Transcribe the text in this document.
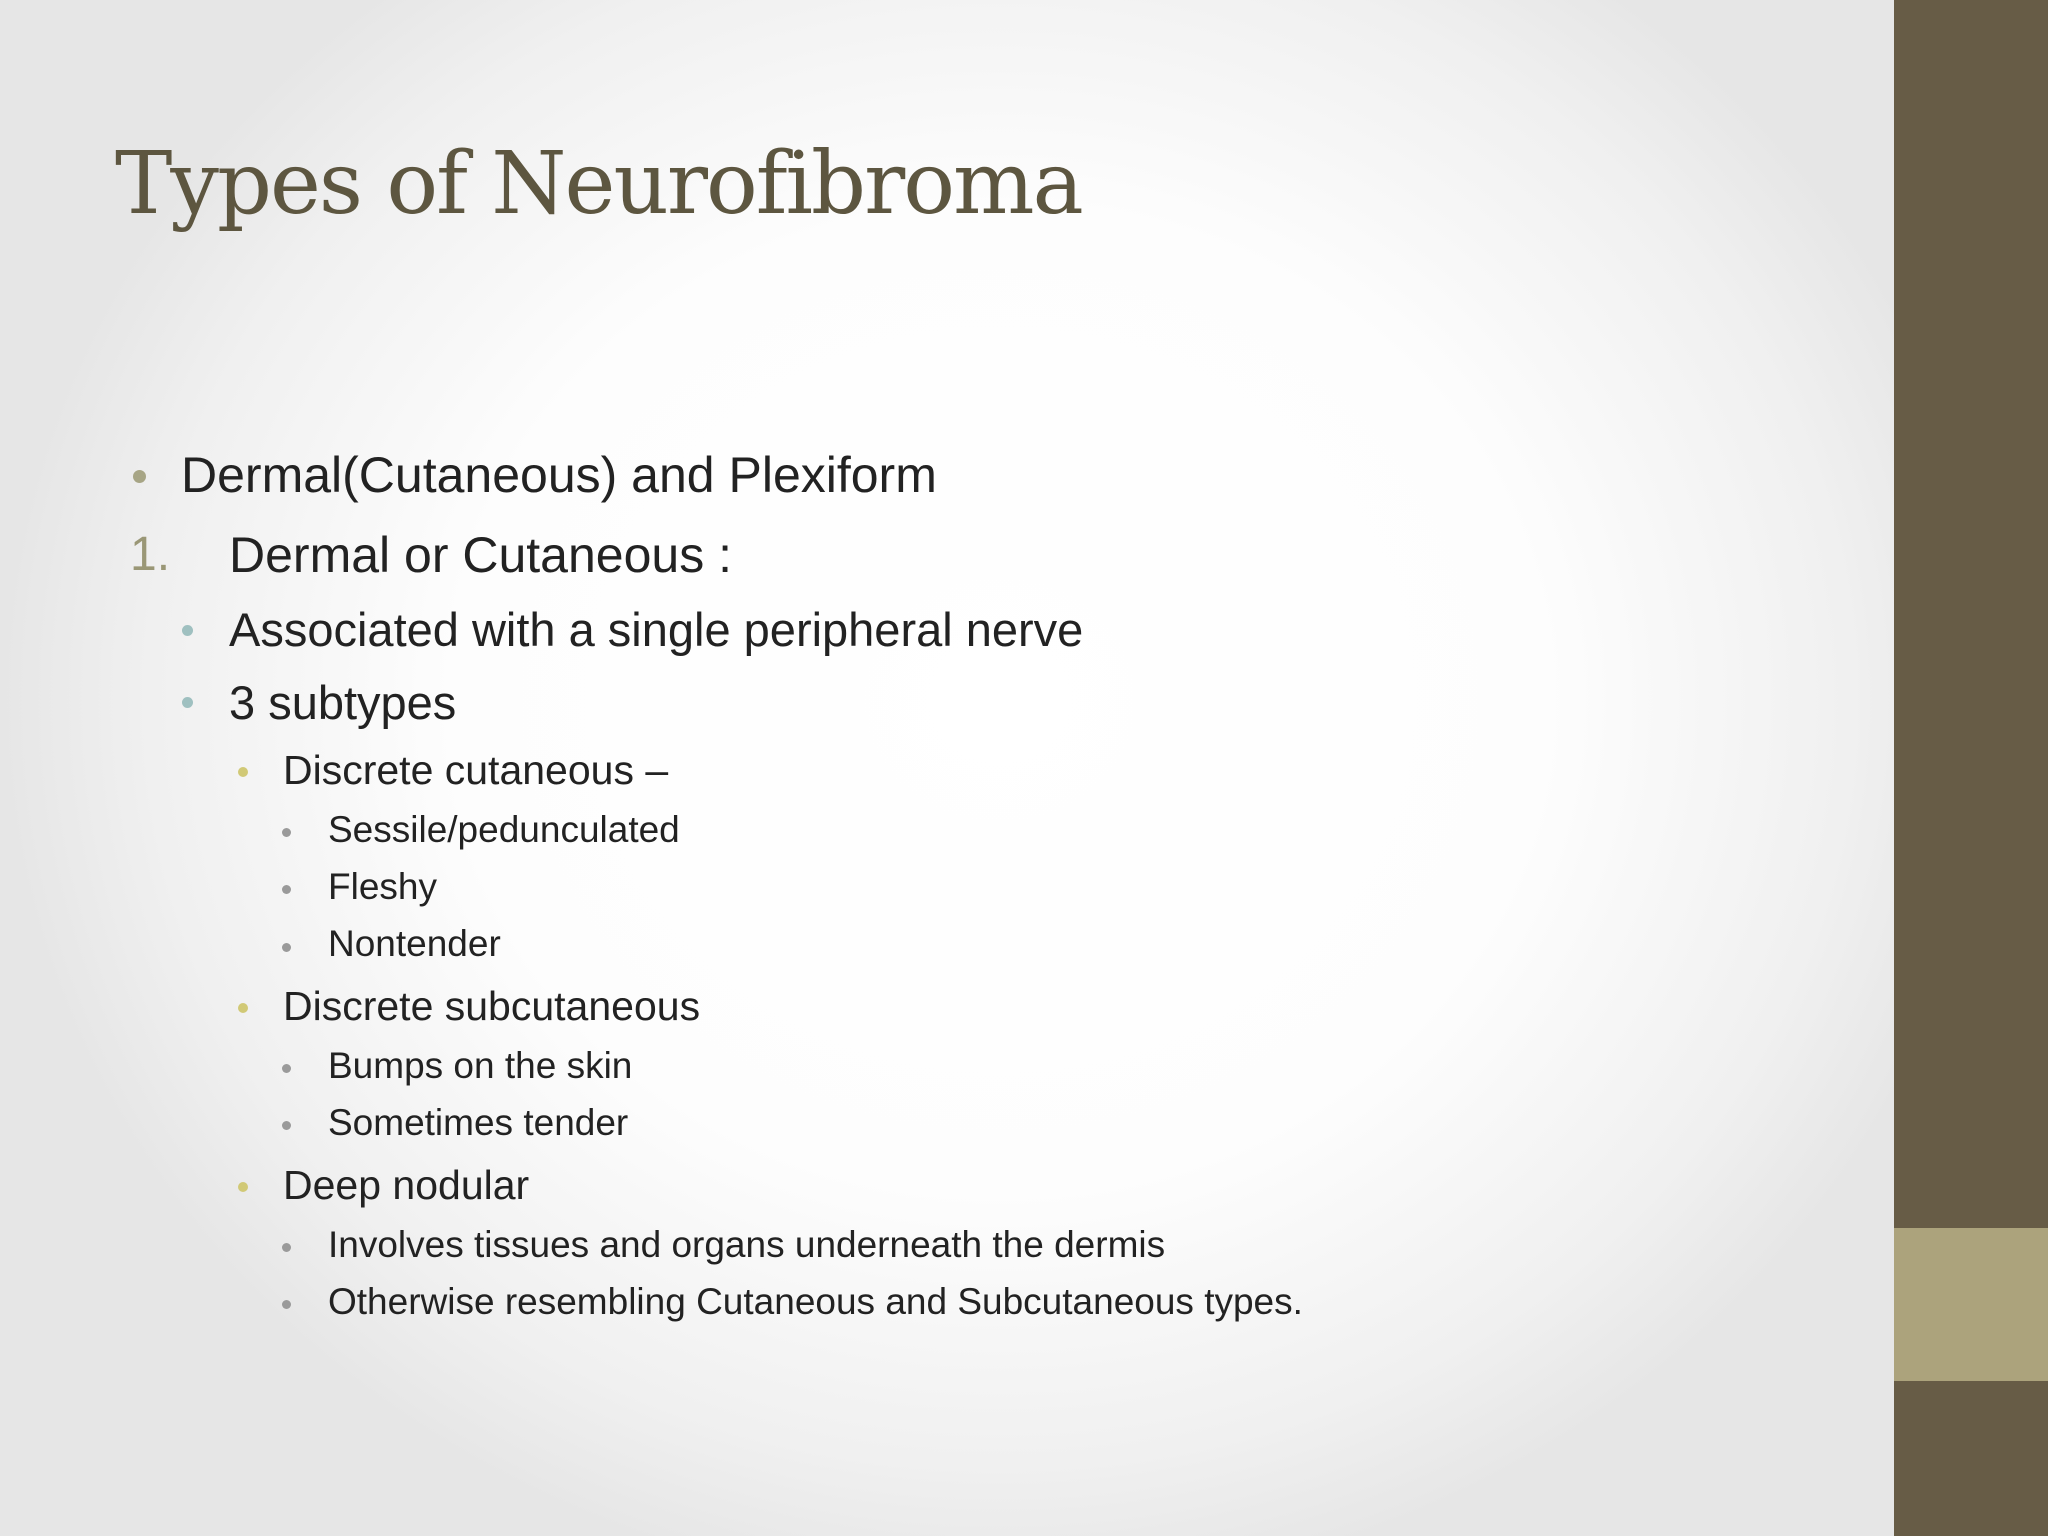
Types of Neurofibroma
Dermal(Cutaneous) and Plexiform
1. Dermal or Cutaneous :
Associated with a single peripheral nerve
3 subtypes
Discrete cutaneous –
Sessile/pedunculated
Fleshy
Nontender
Discrete subcutaneous
Bumps on the skin
Sometimes tender
Deep nodular
Involves tissues and organs underneath the dermis
Otherwise resembling Cutaneous and Subcutaneous types.
